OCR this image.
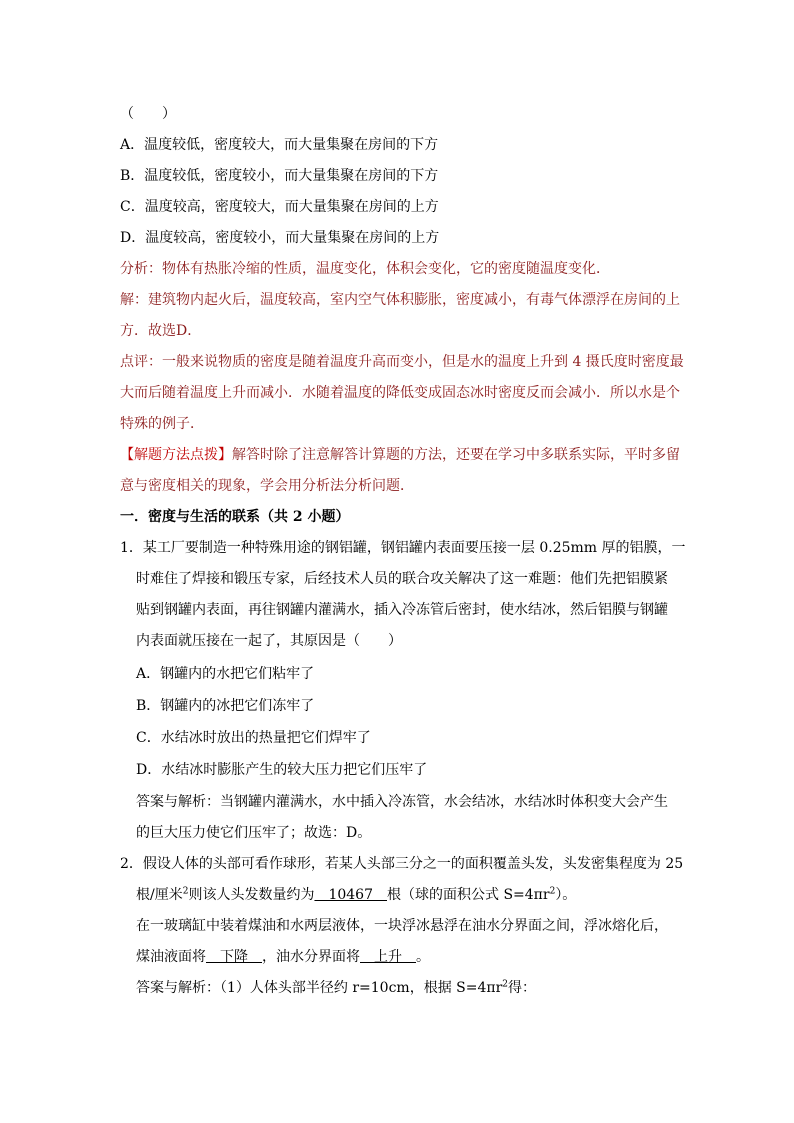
（　　）
A．温度较低，密度较大，而大量集聚在房间的下方
B．温度较低，密度较小，而大量集聚在房间的下方
C．温度较高，密度较大，而大量集聚在房间的上方
D．温度较高，密度较小，而大量集聚在房间的上方
分析：物体有热胀冷缩的性质，温度变化，体积会变化，它的密度随温度变化．
解：建筑物内起火后，温度较高，室内空气体积膨胀，密度减小，有毒气体漂浮在房间的上
方．故选D．
点评：一般来说物质的密度是随着温度升高而变小，但是水的温度上升到 4 摄氏度时密度最
大而后随着温度上升而减小．水随着温度的降低变成固态冰时密度反而会减小．所以水是个
特殊的例子．
【解题方法点拨】解答时除了注意解答计算题的方法，还要在学习中多联系实际，平时多留
意与密度相关的现象，学会用分析法分析问题．
一．密度与生活的联系（共 2 小题）
1．某工厂要制造一种特殊用途的钢铝罐，钢铝罐内表面要压接一层 0.25mm 厚的铝膜，一
时难住了焊接和锻压专家，后经技术人员的联合攻关解决了这一难题：他们先把铝膜紧
贴到钢罐内表面，再往钢罐内灌满水，插入冷冻管后密封，使水结冰，然后铝膜与钢罐
内表面就压接在一起了，其原因是（　　）
A．钢罐内的水把它们粘牢了
B．钢罐内的冰把它们冻牢了
C．水结冰时放出的热量把它们焊牢了
D．水结冰时膨胀产生的较大压力把它们压牢了
答案与解析：当钢罐内灌满水，水中插入冷冻管，水会结冰，水结冰时体积变大会产生
的巨大压力使它们压牢了；故选：D。
2．假设人体的头部可看作球形，若某人头部三分之一的面积覆盖头发，头发密集程度为 25
根/厘米$^2$则该人头发数量约为　10467　根（球的面积公式 $S=4\pi r^2$）。
在一玻璃缸中装着煤油和水两层液体，一块浮冰悬浮在油水分界面之间，浮冰熔化后，
煤油液面将　下降　，油水分界面将　上升　。
答案与解析：（1）人体头部半径约 r=10cm，根据 $S=4\pi r^2$得：
